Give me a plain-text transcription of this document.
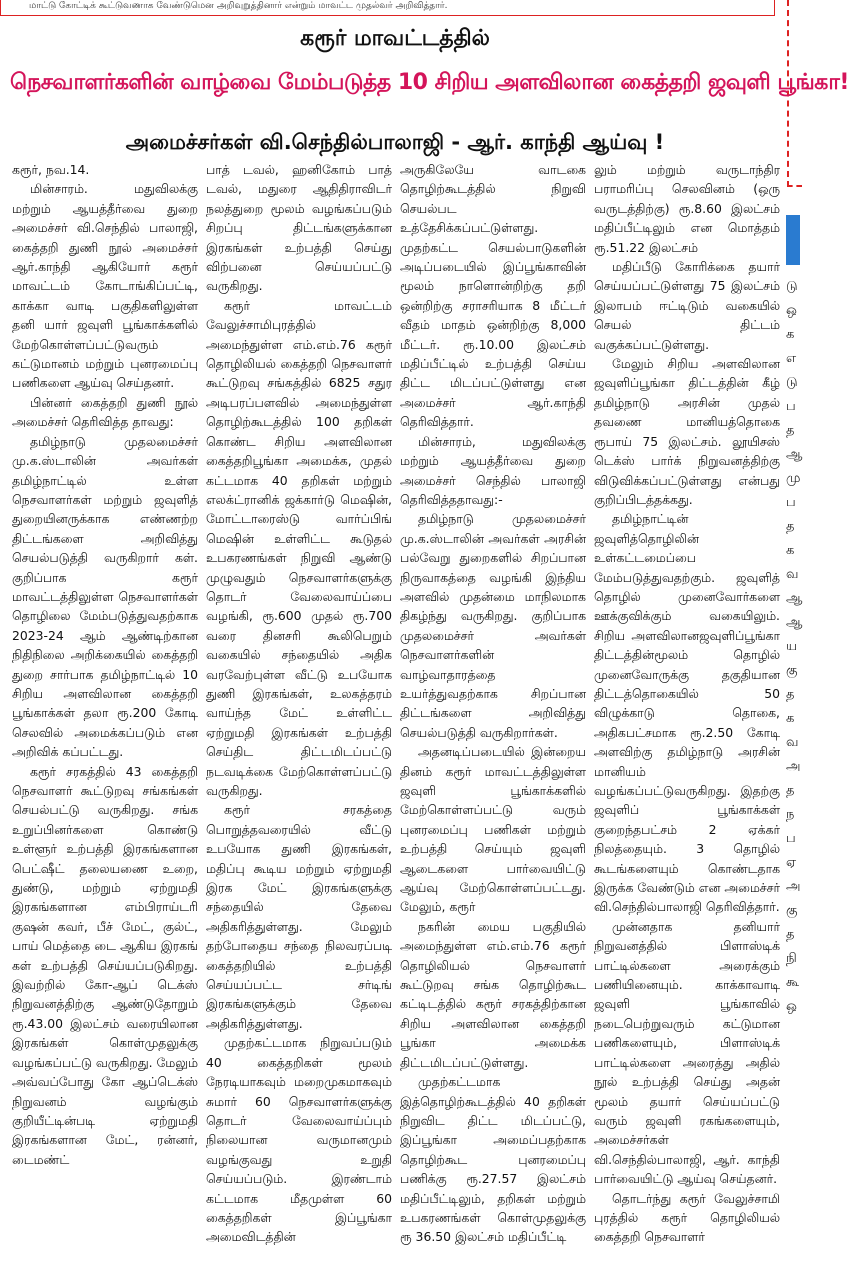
மாட்டு கோட்டிக் கூட்டுவணாக வேண்டுமென அறிவுறுத்தினார் என்றும் மாவட்ட முதல்வர் அறிவித்தார்.
கரூர் மாவட்டத்தில்
நெசவாளர்களின் வாழ்வை மேம்படுத்த 10 சிறிய அளவிலான கைத்தறி ஜவுளி பூங்கா!
அமைச்சர்கள் வி.செந்தில்பாலாஜி - ஆர். காந்தி ஆய்வு !

கரூர், நவ.14.

மின்சாரம். மதுவிலக்கு மற்றும் ஆயத்தீர்வை துறை அமைச்சர் வி.செந்தில் பாலாஜி, கைத்தறி துணி நூல் அமைச்சர் ஆர்.காந்தி ஆகியோர் கரூர் மாவட்டம் கோடாங்கிப்பட்டி, காக்கா வாடி பகுதிகளிலுள்ள தனி யார் ஜவுளி பூங்காக்களில் மேற்கொள்ளப்பட்டுவரும் கட்டுமானம் மற்றும் புனரமைப்பு பணிகளை ஆய்வு செய்தனர்.

பின்னர் கைத்தறி துணி நூல் அமைச்சர் தெரிவித்த தாவது:

தமிழ்நாடு முதலமைச்சர் மு.க.ஸ்டாலின் அவர்கள் தமிழ்நாட்டில் உள்ள நெசவாளர்கள் மற்றும் ஜவுளித் துறையினருக்காக எண்ணற்ற திட்டங்களை அறிவித்து செயல்படுத்தி வருகிறார் கள். குறிப்பாக கரூர் மாவட்டத்திலுள்ள நெசவாளர்கள் தொழிலை மேம்படுத்துவதற்காக 2023-24 ஆம் ஆண்டிற்கான நிதிநிலை அறிக்கையில் கைத்தறி துறை சார்பாக தமிழ்நாட்டில் 10 சிறிய அளவிலான கைத்தறி பூங்காக்கள் தலா ரூ.200 கோடி செலவில் அமைக்கப்படும் என அறிவிக் கப்பட்டது.

கரூர் சரகத்தில் 43 கைத்தறி நெசவாளர் கூட்டுறவு சங்கங்கள் செயல்பட்டு வருகிறது. சங்க உறுப்பினர்களை கொண்டு உள்ளூர் உற்பத்தி இரகங்களான பெட்ஷீட் தலையணை உறை, துண்டு, மற்றும் ஏற்றுமதி இரகங்களான எம்பிராய்டரி குஷன் கவர், பீச் மேட், குல்ட், பாய் மெத்தை டை ஆகிய இரகங் கள் உற்பத்தி செய்யப்படுகிறது. இவற்றில் கோ-ஆப் டெக்ஸ் நிறுவனத்திற்கு ஆண்டுதோறும் ரூ.43.00 இலட்சம் வரையிலான இரகங்கள் கொள்முதலுக்கு வழங்கப்பட்டு வருகிறது. மேலும் அவ்வப்போது கோ ஆப்டெக்ஸ் நிறுவனம் வழங்கும் குறியீட்டின்படி ஏற்றுமதி இரகங்களான மேட், ரன்னர், டைமண்ட்

பாத் டவல், ஹனிகோம் பாத் டவல், மதுரை ஆதிதிராவிடர் நலத்துறை மூலம் வழங்கப்படும் சிறப்பு திட்டங்களுக்கான இரகங்கள் உற்பத்தி செய்து விற்பனை செய்யப்பட்டு வருகிறது.

கரூர் மாவட்டம் வேலுச்சாமிபுரத்தில் அமைந்துள்ள எம்.எம்.76 கரூர் தொழிலியல் கைத்தறி நெசவாளர் கூட்டுறவு சங்கத்தில் 6825 சதுர அடிபரப்பளவில் அமைந்துள்ள தொழிற்கூடத்தில் 100 தறிகள் கொண்ட சிறிய அளவிலான கைத்தறிபூங்கா அமைக்க, முதல் கட்டமாக 40 தறிகள் மற்றும் எலக்ட்ரானிக் ஜக்கார்டு மெஷின், மோட்டாரைஸ்டு வார்ப்பிங் மெஷின் உள்ளிட்ட கூடுதல் உபகரணங்கள் நிறுவி ஆண்டு முழுவதும் நெசவாளர்களுக்கு தொடர் வேலைவாய்ப்பை வழங்கி, ரூ.600 முதல் ரூ.700 வரை தினசரி கூலிபெறும் வகையில் சந்தையில் அதிக வரவேற்புள்ள வீட்டு உபயோக துணி இரகங்கள், உலகத்தரம் வாய்ந்த மேட் உள்ளிட்ட ஏற்றுமதி இரகங்கள் உற்பத்தி செய்திட திட்டமிடப்பட்டு நடவடிக்கை மேற்கொள்ளப்பட்டு வருகிறது.

கரூர் சரகத்தை பொறுத்தவரையில் வீட்டு உபயோக துணி இரகங்கள், மதிப்பு கூடிய மற்றும் ஏற்றுமதி இரக மேட் இரகங்களுக்கு சந்தையில் தேவை அதிகரித்துள்ளது. மேலும் தற்போதைய சந்தை நிலவரப்படி கைத்தறியில் உற்பத்தி செய்யப்பட்ட சர்டிங் இரகங்களுக்கும் தேவை அதிகரித்துள்ளது.

முதற்கட்டமாக நிறுவப்படும் 40 கைத்தறிகள் மூலம் நேரடியாகவும் மறைமுகமாகவும் சுமார் 60 நெசவாளர்களுக்கு தொடர் வேலைவாய்ப்பும் நிலையான வருமானமும் வழங்குவது உறுதி செய்யப்படும். இரண்டாம் கட்டமாக மீதமுள்ள 60 கைத்தறிகள் இப்பூங்கா அமைவிடத்தின்

அருகிலேயே வாடகை தொழிற்கூடத்தில் நிறுவி செயல்பட உத்தேசிக்கப்பட்டுள்ளது. முதற்கட்ட செயல்பாடுகளின் அடிப்படையில் இப்பூங்காவின் மூலம் நாளொன்றிற்கு தறி ஒன்றிற்கு சராசரியாக 8 மீட்டர் வீதம் மாதம் ஒன்றிற்கு 8,000 மீட்டர். ரூ.10.00 இலட்சம் மதிப்பீட்டில் உற்பத்தி செய்ய திட்ட மிடப்பட்டுள்ளது என அமைச்சர் ஆர்.காந்தி தெரிவித்தார்.

மின்சாரம், மதுவிலக்கு மற்றும் ஆயத்தீர்வை துறை அமைச்சர் செந்தில் பாலாஜி தெரிவித்ததாவது:-

தமிழ்நாடு முதலமைச்சர் மு.க.ஸ்டாலின் அவர்கள் அரசின் பல்வேறு துறைகளில் சிறப்பான நிருவாகத்தை வழங்கி இந்திய அளவில் முதன்மை மாநிலமாக திகழ்ந்து வருகிறது. குறிப்பாக முதலமைச்சர் அவர்கள் நெசவாளர்களின் வாழ்வாதாரத்தை உயர்த்துவதற்காக சிறப்பான திட்டங்களை அறிவித்து செயல்படுத்தி வருகிறார்கள்.

அதனடிப்படையில் இன்றைய தினம் கரூர் மாவட்டத்திலுள்ள ஜவுளி பூங்காக்களில் மேற்கொள்ளப்பட்டு வரும் புனரமைப்பு பணிகள் மற்றும் உற்பத்தி செய்யும் ஜவுளி ஆடைகளை பார்வையிட்டு ஆய்வு மேற்கொள்ளப்பட்டது. மேலும், கரூர்

நகரின் மைய பகுதியில் அமைந்துள்ள எம்.எம்.76 கரூர் தொழிலியல் நெசவாளர் கூட்டுறவு சங்க தொழிற்கூட கட்டிடத்தில் கரூர் சரகத்திற்கான சிறிய அளவிலான கைத்தறி பூங்கா அமைக்க திட்டமிடப்பட்டுள்ளது.

முதற்கட்டமாக இத்தொழிற்கூடத்தில் 40 தறிகள் நிறுவிட திட்ட மிடப்பட்டு, இப்பூங்கா அமைப்பதற்காக தொழிற்கூட புனரமைப்பு பணிக்கு ரூ.27.57 இலட்சம் மதிப்பீட்டிலும், தறிகள் மற்றும் உபகரணங்கள் கொள்முதலுக்கு ரூ 36.50 இலட்சம் மதிப்பீட்டி

லும் மற்றும் வருடாந்திர பராமரிப்பு செலவினம் (ஒரு வருடத்திற்கு) ரூ.8.60 இலட்சம் மதிப்பீட்டிலும் என மொத்தம் ரூ.51.22 இலட்சம்

மதிப்பீடு கோரிக்கை தயார் செய்யப்பட்டுள்ளது 75 இலட்சம் இலாபம் ஈட்டிடும் வகையில் செயல் திட்டம் வகுக்கப்பட்டுள்ளது.

மேலும் சிறிய அளவிலான ஜவுளிப்பூங்கா திட்டத்தின் கீழ் தமிழ்நாடு அரசின் முதல் தவணை மானியத்தொகை ரூபாய் 75 இலட்சம். லூயிசஸ் டெக்ஸ் பார்க் நிறுவனத்திற்கு விடுவிக்கப்பட்டுள்ளது என்பது குறிப்பிடத்தக்கது.

தமிழ்நாட்டின் ஜவுளித்தொழிலின் உள்கட்டமைப்பை மேம்படுத்துவதற்கும். ஜவுளித் தொழில் முனைவோர்களை ஊக்குவிக்கும் வகையிலும். சிறிய அளவிலானஜவுளிப்பூங்கா திட்டத்தின்மூலம் தொழில் முனைவோருக்கு தகுதியான திட்டத்தொகையில் 50 விழுக்காடு தொகை, அதிகபட்சமாக ரூ.2.50 கோடி அளவிற்கு தமிழ்நாடு அரசின் மானியம் வழங்கப்பட்டுவருகிறது. இதற்கு ஜவுளிப் பூங்காக்கள் குறைந்தபட்சம் 2 ஏக்கர் நிலத்தையும். 3 தொழில் கூடங்களையும் கொண்டதாக இருக்க வேண்டும் என அமைச்சர் வி.செந்தில்பாலாஜி தெரிவித்தார்.

முன்னதாக தனியார் நிறுவனத்தில் பிளாஸ்டிக் பாட்டில்களை அரைக்கும் பணியினையும். காக்காவாடி ஜவுளி பூங்காவில் நடைபெற்றுவரும் கட்டுமான பணிகளையும், பிளாஸ்டிக் பாட்டில்களை அரைத்து அதில் நூல் உற்பத்தி செய்து அதன் மூலம் தயார் செய்யப்பட்டு வரும் ஜவுளி ரகங்களையும், அமைச்சர்கள் வி.செந்தில்பாலாஜி, ஆர். காந்தி பார்வையிட்டு ஆய்வு செய்தனர்.

தொடர்ந்து கரூர் வேலுச்சாமி புரத்தில் கரூர் தொழிலியல் கைத்தறி நெசவாளர்

டு
ஒ
க
எ
டு
ப
த
ஆ
மு
ப
த
க
வ
ஆ
ஆ
ய
கு
த
க
வ
அ
த
ந
ப
ஏ
அ
கு
த
நி
கூ
ஒ
